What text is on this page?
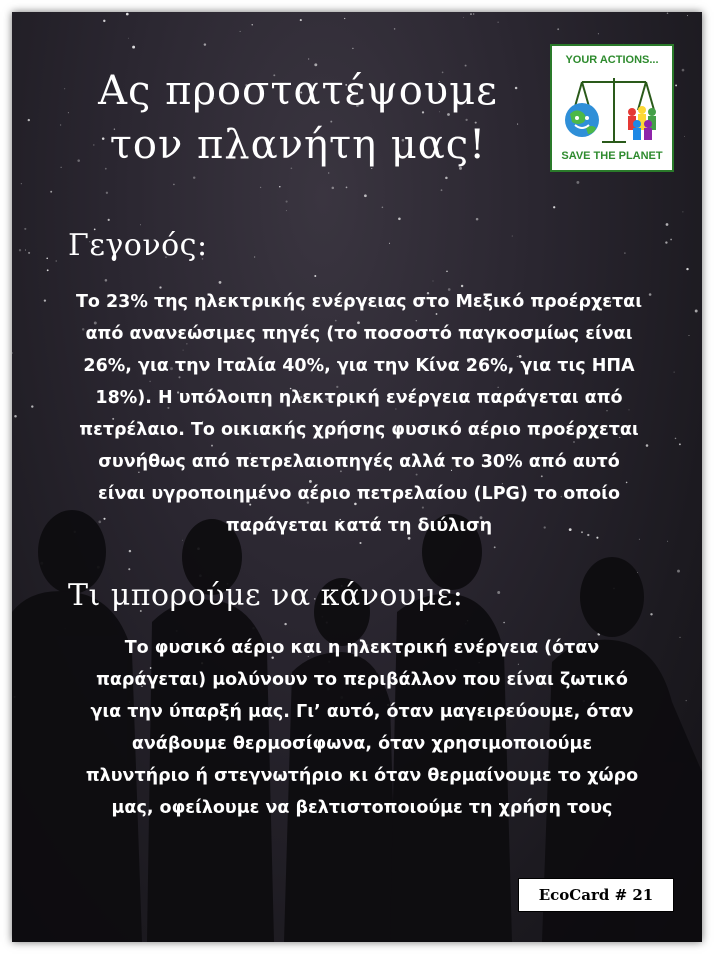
Ας προστατέψουμε
τον πλανήτη μας!
YOUR ACTIONS...
SAVE THE PLANET
Γεγονός:

Το 23% της ηλεκτρικής ενέργειας στο Μεξικό προέρχεται
από ανανεώσιμες πηγές (το ποσοστό παγκοσμίως είναι
26%, για την Ιταλία 40%, για την Κίνα 26%, για τις ΗΠΑ
18%). Η υπόλοιπη ηλεκτρική ενέργεια παράγεται από
πετρέλαιο. Το οικιακής χρήσης φυσικό αέριο προέρχεται
συνήθως από πετρελαιοπηγές αλλά το 30% από αυτό
είναι υγροποιημένο αέριο πετρελαίου (LPG) το οποίο
παράγεται κατά τη διύλιση

Τι μπορούμε να κάνουμε:

Το φυσικό αέριο και η ηλεκτρική ενέργεια (όταν
παράγεται) μολύνουν το περιβάλλον που είναι ζωτικό
για την ύπαρξή μας. Γι’ αυτό, όταν μαγειρεύουμε, όταν
ανάβουμε θερμοσίφωνα, όταν χρησιμοποιούμε
πλυντήριο ή στεγνωτήριο κι όταν θερμαίνουμε το χώρο
μας, οφείλουμε να βελτιστοποιούμε τη χρήση τους

EcoCard # 21
